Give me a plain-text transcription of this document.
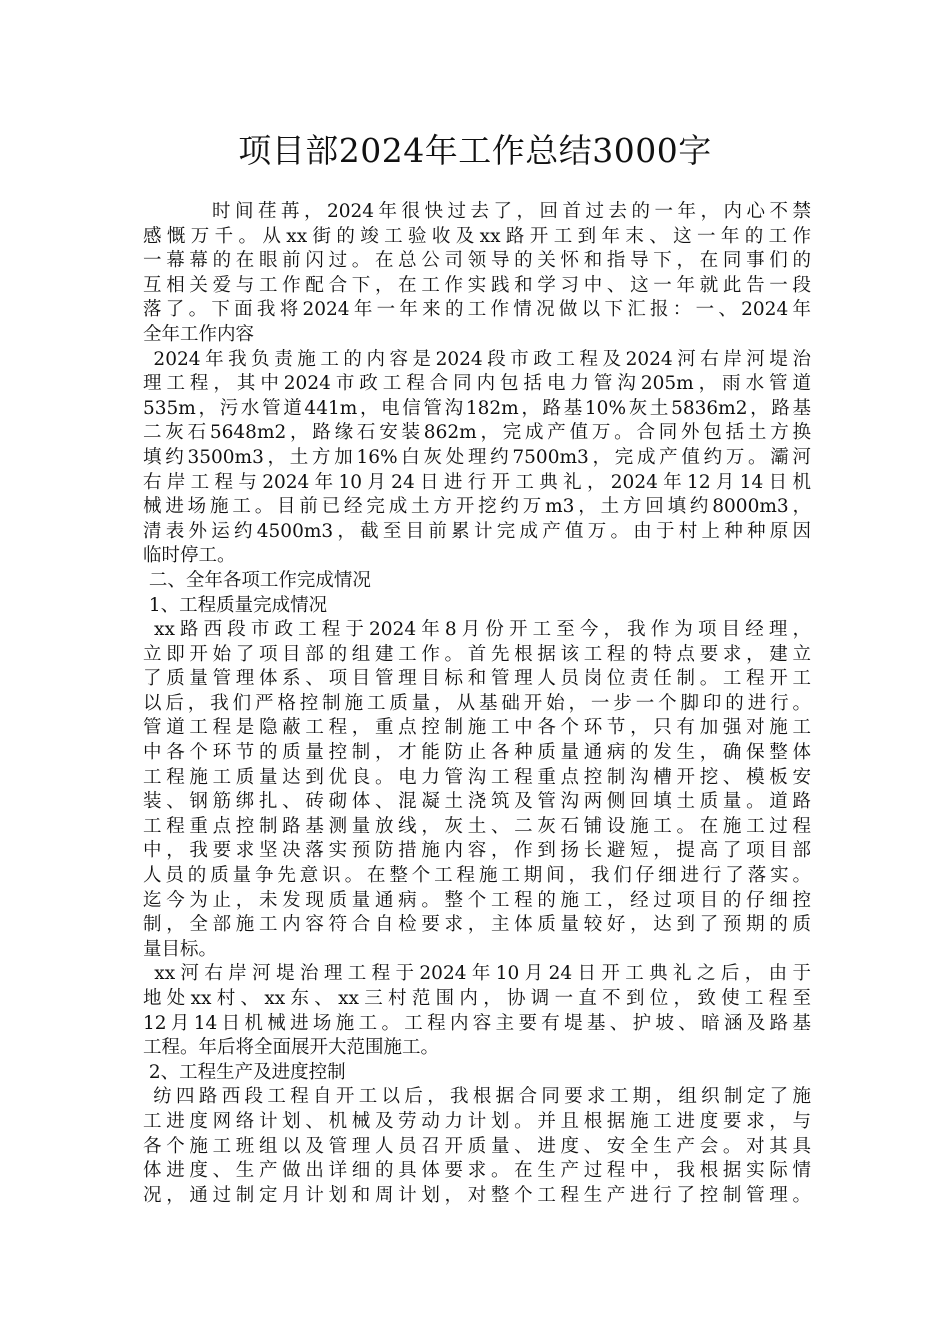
项目部2024年工作总结3000字
　　　时间荏苒，2024年很快过去了，回首过去的一年，内心不禁
感慨万千。从xx街的竣工验收及xx路开工到年末、这一年的工作
一幕幕的在眼前闪过。在总公司领导的关怀和指导下，在同事们的
互相关爱与工作配合下，在工作实践和学习中、这一年就此告一段
落了。下面我将2024年一年来的工作情况做以下汇报：一、2024年
全年工作内容
2024年我负责施工的内容是2024段市政工程及2024河右岸河堤治
理工程，其中2024市政工程合同内包括电力管沟205m，雨水管道
535m，污水管道441m，电信管沟182m，路基10%灰土5836m2，路基
二灰石5648m2，路缘石安装862m，完成产值万。合同外包括土方换
填约3500m3，土方加16%白灰处理约7500m3，完成产值约万。灞河
右岸工程与2024年10月24日进行开工典礼，2024年12月14日机
械进场施工。目前已经完成土方开挖约万m3，土方回填约8000m3，
清表外运约4500m3，截至目前累计完成产值万。由于村上种种原因
临时停工。
二、全年各项工作完成情况
1、工程质量完成情况
xx路西段市政工程于2024年8月份开工至今，我作为项目经理，
立即开始了项目部的组建工作。首先根据该工程的特点要求，建立
了质量管理体系、项目管理目标和管理人员岗位责任制。工程开工
以后，我们严格控制施工质量，从基础开始，一步一个脚印的进行。
管道工程是隐蔽工程，重点控制施工中各个环节，只有加强对施工
中各个环节的质量控制，才能防止各种质量通病的发生，确保整体
工程施工质量达到优良。电力管沟工程重点控制沟槽开挖、模板安
装、钢筋绑扎、砖砌体、混凝土浇筑及管沟两侧回填土质量。道路
工程重点控制路基测量放线，灰土、二灰石铺设施工。在施工过程
中，我要求坚决落实预防措施内容，作到扬长避短，提高了项目部
人员的质量争先意识。在整个工程施工期间，我们仔细进行了落实。
迄今为止，未发现质量通病。整个工程的施工，经过项目的仔细控
制，全部施工内容符合自检要求，主体质量较好，达到了预期的质
量目标。
xx河右岸河堤治理工程于2024年10月24日开工典礼之后，由于
地处xx村、xx东、xx三村范围内，协调一直不到位，致使工程至
12月14日机械进场施工。工程内容主要有堤基、护坡、暗涵及路基
工程。年后将全面展开大范围施工。
2、工程生产及进度控制
纺四路西段工程自开工以后，我根据合同要求工期，组织制定了施
工进度网络计划、机械及劳动力计划。并且根据施工进度要求，与
各个施工班组以及管理人员召开质量、进度、安全生产会。对其具
体进度、生产做出详细的具体要求。在生产过程中，我根据实际情
况，通过制定月计划和周计划，对整个工程生产进行了控制管理。
